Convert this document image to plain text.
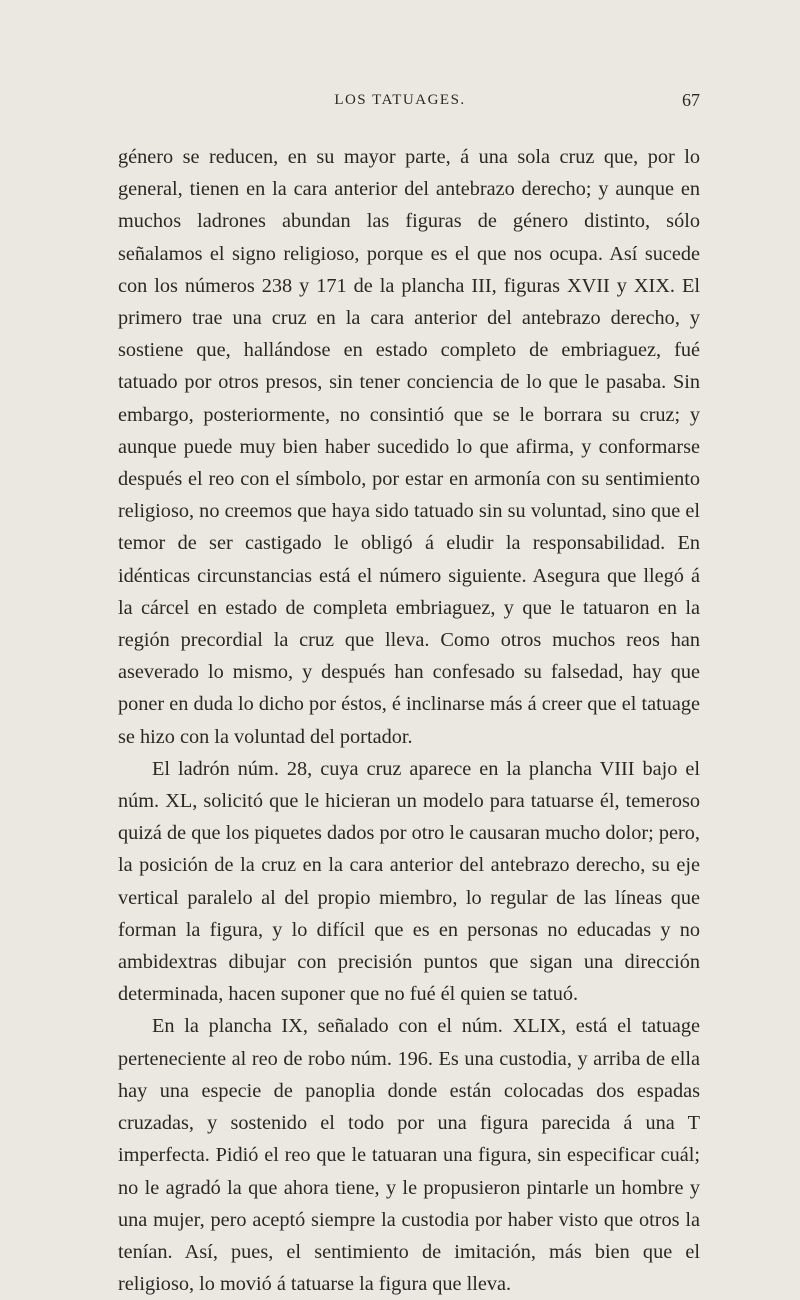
LOS TATUAGES.	67

género se reducen, en su mayor parte, á una sola cruz que, por lo general, tienen en la cara anterior del antebrazo derecho; y aunque en muchos ladrones abundan las figuras de género distinto, sólo señalamos el signo religioso, porque es el que nos ocupa. Así sucede con los números 238 y 171 de la plancha III, figuras XVII y XIX. El primero trae una cruz en la cara anterior del antebrazo derecho, y sostiene que, hallándose en estado completo de embriaguez, fué tatuado por otros presos, sin tener conciencia de lo que le pasaba. Sin embargo, posteriormente, no consintió que se le borrara su cruz; y aunque puede muy bien haber sucedido lo que afirma, y conformarse después el reo con el símbolo, por estar en armonía con su sentimiento religioso, no creemos que haya sido tatuado sin su voluntad, sino que el temor de ser castigado le obligó á eludir la responsabilidad. En idénticas circunstancias está el número siguiente. Asegura que llegó á la cárcel en estado de completa embriaguez, y que le tatuaron en la región precordial la cruz que lleva. Como otros muchos reos han aseverado lo mismo, y después han confesado su falsedad, hay que poner en duda lo dicho por éstos, é inclinarse más á creer que el tatuage se hizo con la voluntad del portador.

El ladrón núm. 28, cuya cruz aparece en la plancha VIII bajo el núm. XL, solicitó que le hicieran un modelo para tatuarse él, temeroso quizá de que los piquetes dados por otro le causaran mucho dolor; pero, la posición de la cruz en la cara anterior del antebrazo derecho, su eje vertical paralelo al del propio miembro, lo regular de las líneas que forman la figura, y lo difícil que es en personas no educadas y no ambidextras dibujar con precisión puntos que sigan una dirección determinada, hacen suponer que no fué él quien se tatuó.

En la plancha IX, señalado con el núm. XLIX, está el tatuage perteneciente al reo de robo núm. 196. Es una custodia, y arriba de ella hay una especie de panoplia donde están colocadas dos espadas cruzadas, y sostenido el todo por una figura parecida á una T imperfecta. Pidió el reo que le tatuaran una figura, sin especificar cuál; no le agradó la que ahora tiene, y le propusieron pintarle un hombre y una mujer, pero aceptó siempre la custodia por haber visto que otros la tenían. Así, pues, el sentimiento de imitación, más bien que el religioso, lo movió á tatuarse la figura que lleva.
